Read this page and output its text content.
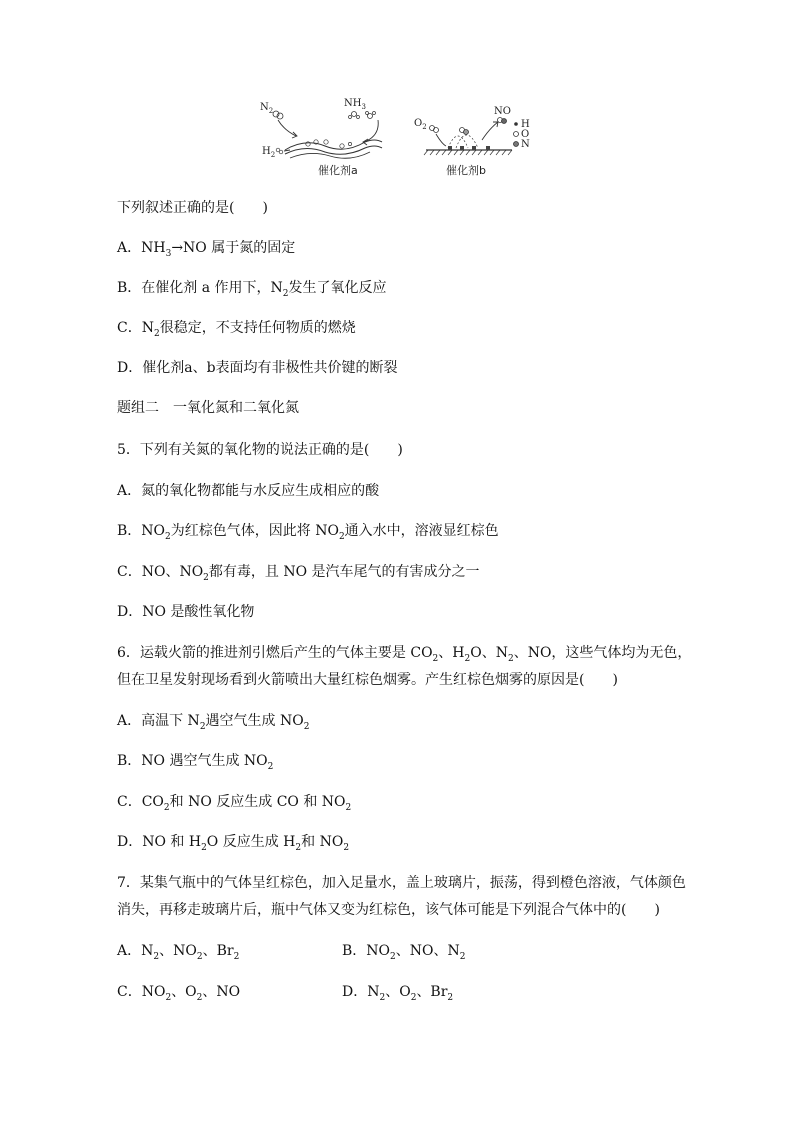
$N_2$
$NH_3$
$H_2$
催化剂a
$O_2$
NO
H
O
N
催化剂b
下列叙述正确的是(　　)
A．$NH_3\to NO$ 属于氮的固定
B．在催化剂 a 作用下，$N_2$发生了氧化反应
C．$N_2$很稳定，不支持任何物质的燃烧
D．催化剂a、b表面均有非极性共价键的断裂
题组二　一氧化氮和二氧化氮
5．下列有关氮的氧化物的说法正确的是(　　)
A．氮的氧化物都能与水反应生成相应的酸
B．$NO_2$为红棕色气体，因此将 $NO_2$通入水中，溶液显红棕色
C．NO、$NO_2$都有毒，且 NO 是汽车尾气的有害成分之一
D．NO 是酸性氧化物
6．运载火箭的推进剂引燃后产生的气体主要是 $CO_2$、$H_2O$、$N_2$、NO，这些气体均为无色，
但在卫星发射现场看到火箭喷出大量红棕色烟雾。产生红棕色烟雾的原因是(　　)
A．高温下 $N_2$遇空气生成 $NO_2$
B．NO 遇空气生成 $NO_2$
C．$CO_2$和 NO 反应生成 CO 和 $NO_2$
D．NO 和 $H_2O$ 反应生成 $H_2$和 $NO_2$
7．某集气瓶中的气体呈红棕色，加入足量水，盖上玻璃片，振荡，得到橙色溶液，气体颜色
消失，再移走玻璃片后，瓶中气体又变为红棕色，该气体可能是下列混合气体中的(　　)
A．$N_2$、$NO_2$、$Br_2$	B．$NO_2$、NO、$N_2$
C．$NO_2$、$O_2$、NO	D．$N_2$、$O_2$、$Br_2$
